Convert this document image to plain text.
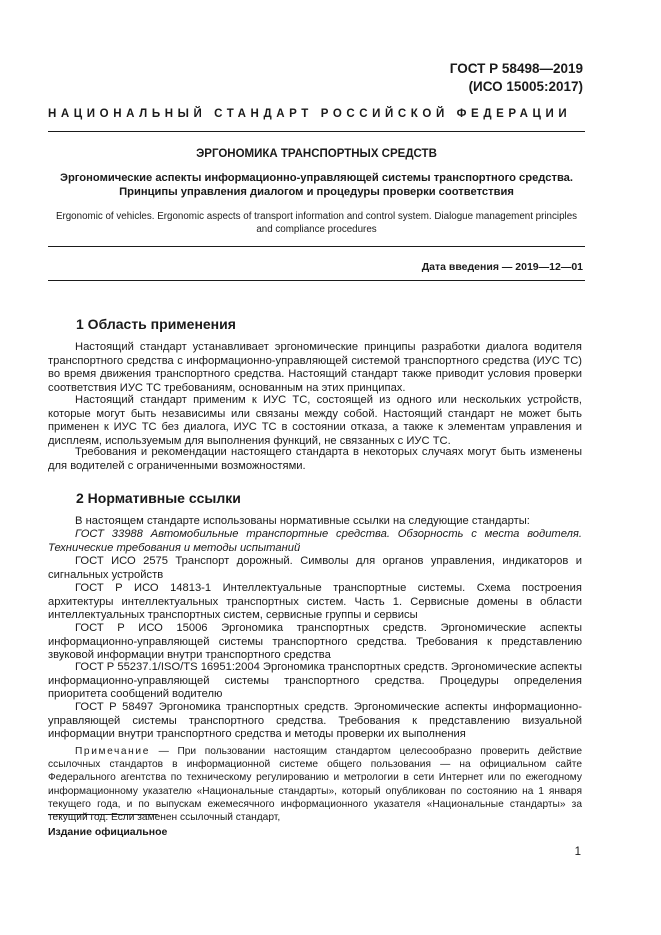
ГОСТ Р 58498—2019
(ИСО 15005:2017)
НАЦИОНАЛЬНЫЙ СТАНДАРТ РОССИЙСКОЙ ФЕДЕРАЦИИ
ЭРГОНОМИКА ТРАНСПОРТНЫХ СРЕДСТВ
Эргономические аспекты информационно-управляющей системы транспортного средства.
Принципы управления диалогом и процедуры проверки соответствия
Ergonomic of vehicles. Ergonomic aspects of transport information and control system. Dialogue management principles
and compliance procedures
Дата введения — 2019—12—01
1 Область применения
Настоящий стандарт устанавливает эргономические принципы разработки диалога водителя транспортного средства с информационно-управляющей системой транспортного средства (ИУС ТС) во время движения транспортного средства. Настоящий стандарт также приводит условия проверки соответствия ИУС ТС требованиям, основанным на этих принципах.
Настоящий стандарт применим к ИУС ТС, состоящей из одного или нескольких устройств, которые могут быть независимы или связаны между собой. Настоящий стандарт не может быть применен к ИУС ТС без диалога, ИУС ТС в состоянии отказа, а также к элементам управления и дисплеям, используемым для выполнения функций, не связанных с ИУС ТС.
Требования и рекомендации настоящего стандарта в некоторых случаях могут быть изменены для водителей с ограниченными возможностями.
2 Нормативные ссылки
В настоящем стандарте использованы нормативные ссылки на следующие стандарты:
ГОСТ 33988 Автомобильные транспортные средства. Обзорность с места водителя. Технические требования и методы испытаний
ГОСТ ИСО 2575 Транспорт дорожный. Символы для органов управления, индикаторов и сигнальных устройств
ГОСТ Р ИСО 14813-1 Интеллектуальные транспортные системы. Схема построения архитектуры интеллектуальных транспортных систем. Часть 1. Сервисные домены в области интеллектуальных транспортных систем, сервисные группы и сервисы
ГОСТ Р ИСО 15006 Эргономика транспортных средств. Эргономические аспекты информационно-управляющей системы транспортного средства. Требования к представлению звуковой информации внутри транспортного средства
ГОСТ Р 55237.1/ISO/TS 16951:2004 Эргономика транспортных средств. Эргономические аспекты информационно-управляющей системы транспортного средства. Процедуры определения приоритета сообщений водителю
ГОСТ Р 58497 Эргономика транспортных средств. Эргономические аспекты информационно-управляющей системы транспортного средства. Требования к представлению визуальной информации внутри транспортного средства и методы проверки их выполнения
Примечание — При пользовании настоящим стандартом целесообразно проверить действие ссылочных стандартов в информационной системе общего пользования — на официальном сайте Федерального агентства по техническому регулированию и метрологии в сети Интернет или по ежегодному информационному указателю «Национальные стандарты», который опубликован по состоянию на 1 января текущего года, и по выпускам ежемесячного информационного указателя «Национальные стандарты» за текущий год. Если заменен ссылочный стандарт,
Издание официальное
1
